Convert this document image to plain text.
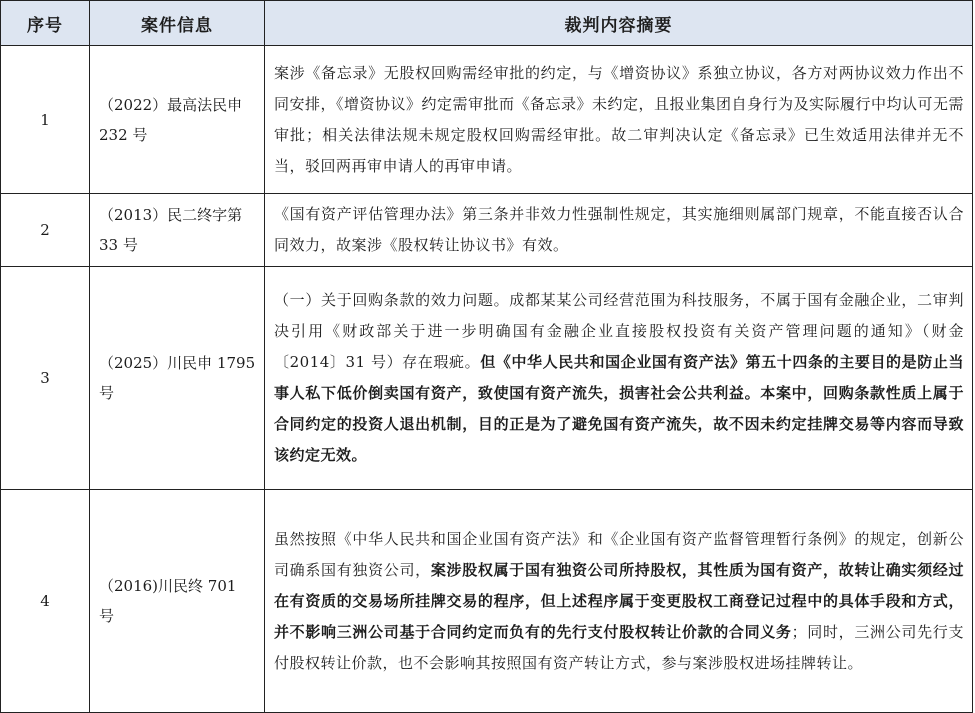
序号	案件信息	裁判内容摘要
1	（2022）最高法民申 232 号	案涉《备忘录》无股权回购需经审批的约定，与《增资协议》系独立协议，各方对两协议效力作出不同安排，《增资协议》约定需审批而《备忘录》未约定，且报业集团自身行为及实际履行中均认可无需审批；相关法律法规未规定股权回购需经审批。故二审判决认定《备忘录》已生效适用法律并无不当，驳回两再审申请人的再审申请。
2	（2013）民二终字第 33 号	《国有资产评估管理办法》第三条并非效力性强制性规定，其实施细则属部门规章，不能直接否认合同效力，故案涉《股权转让协议书》有效。
3	（2025）川民申 1795 号	（一）关于回购条款的效力问题。成都某某公司经营范围为科技服务，不属于国有金融企业，二审判决引用《财政部关于进一步明确国有金融企业直接股权投资有关资产管理问题的通知》（财金〔2014〕31 号）存在瑕疵。但《中华人民共和国企业国有资产法》第五十四条的主要目的是防止当事人私下低价倒卖国有资产，致使国有资产流失，损害社会公共利益。本案中，回购条款性质上属于合同约定的投资人退出机制，目的正是为了避免国有资产流失，故不因未约定挂牌交易等内容而导致该约定无效。
4	（2016)川民终 701 号	虽然按照《中华人民共和国企业国有资产法》和《企业国有资产监督管理暂行条例》的规定，创新公司确系国有独资公司，案涉股权属于国有独资公司所持股权，其性质为国有资产，故转让确实须经过在有资质的交易场所挂牌交易的程序，但上述程序属于变更股权工商登记过程中的具体手段和方式，并不影响三洲公司基于合同约定而负有的先行支付股权转让价款的合同义务；同时，三洲公司先行支付股权转让价款，也不会影响其按照国有资产转让方式，参与案涉股权进场挂牌转让。
